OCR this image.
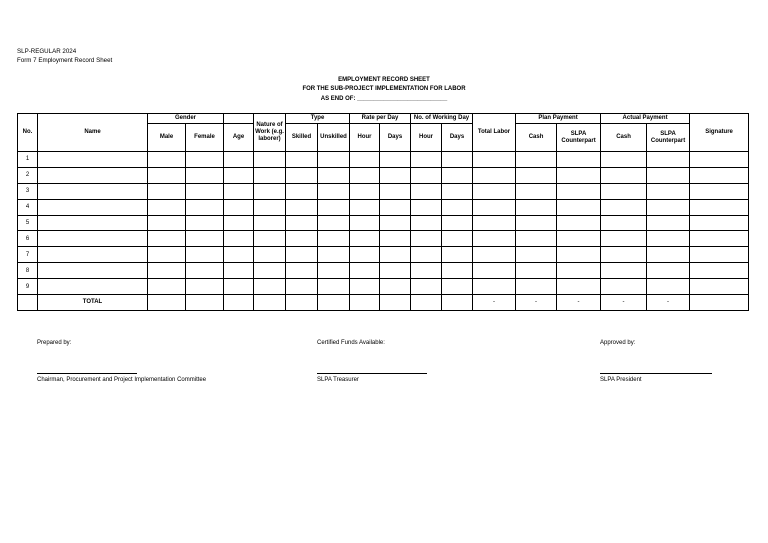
SLP-REGULAR 2024
Form 7 Employment Record Sheet
EMPLOYMENT RECORD SHEET
FOR THE SUB-PROJECT IMPLEMENTATION FOR LABOR
AS END OF: ___________________________
No.	Name	Gender			Nature of Work (e.g. laborer)	Type		Rate per Day		No. of Working Day		Total Labor	Plan Payment		Actual Payment		Signature
		Male	Female	Age		Skilled	Unskilled	Hour	Days	Hour	Days		Cash	SLPA Counterpart	Cash	SLPA Counterpart	
1																	
2																	
3																	
4																	
5																	
6																	
7																	
8																	
9																	
	TOTAL											-	-	-	-	-	
Prepared by:
Chairman, Procurement and Project Implementation Committee
Certified Funds Available:
SLPA Treasurer
Approved by:
SLPA President
